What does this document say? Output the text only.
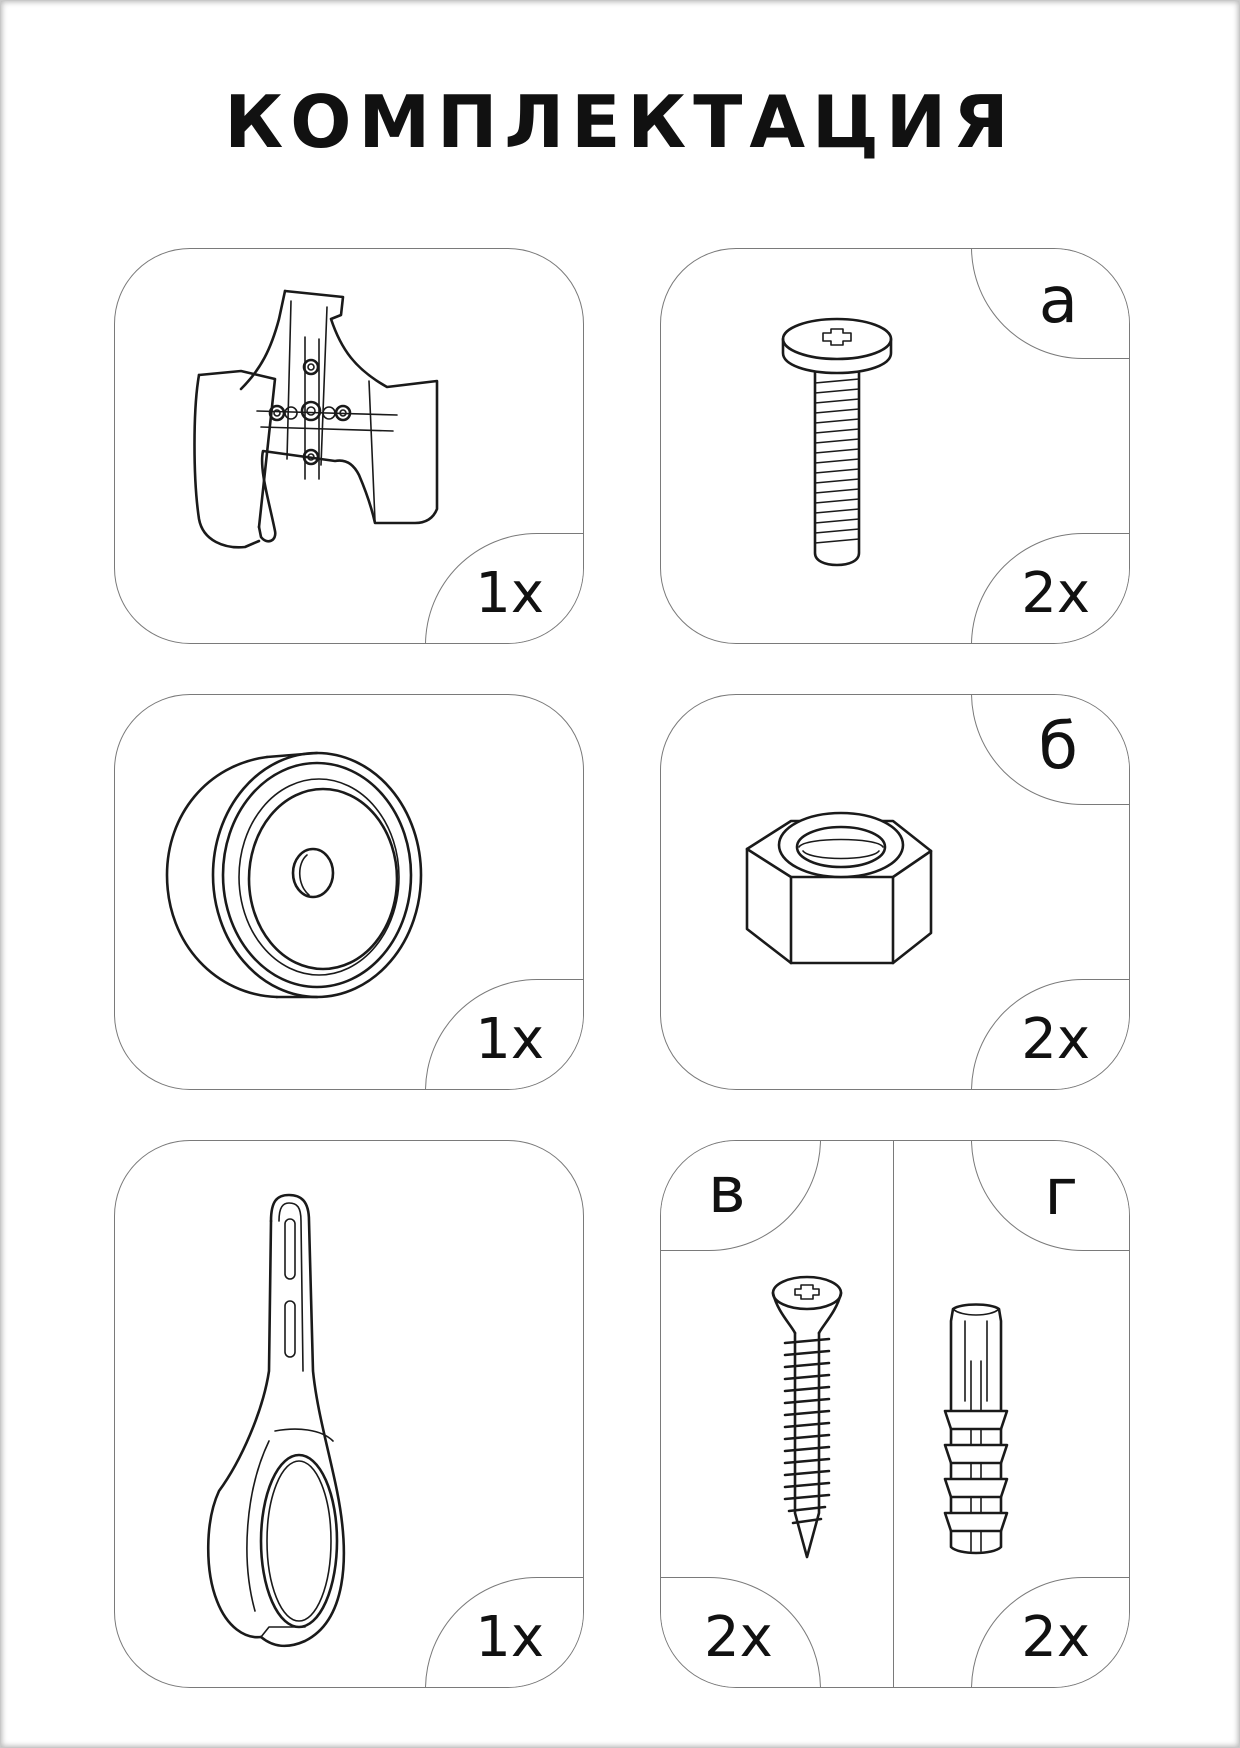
КОМПЛЕКТАЦИЯ
1x
а
2x
1x
б
2x
1x
в	г
2x	2x
